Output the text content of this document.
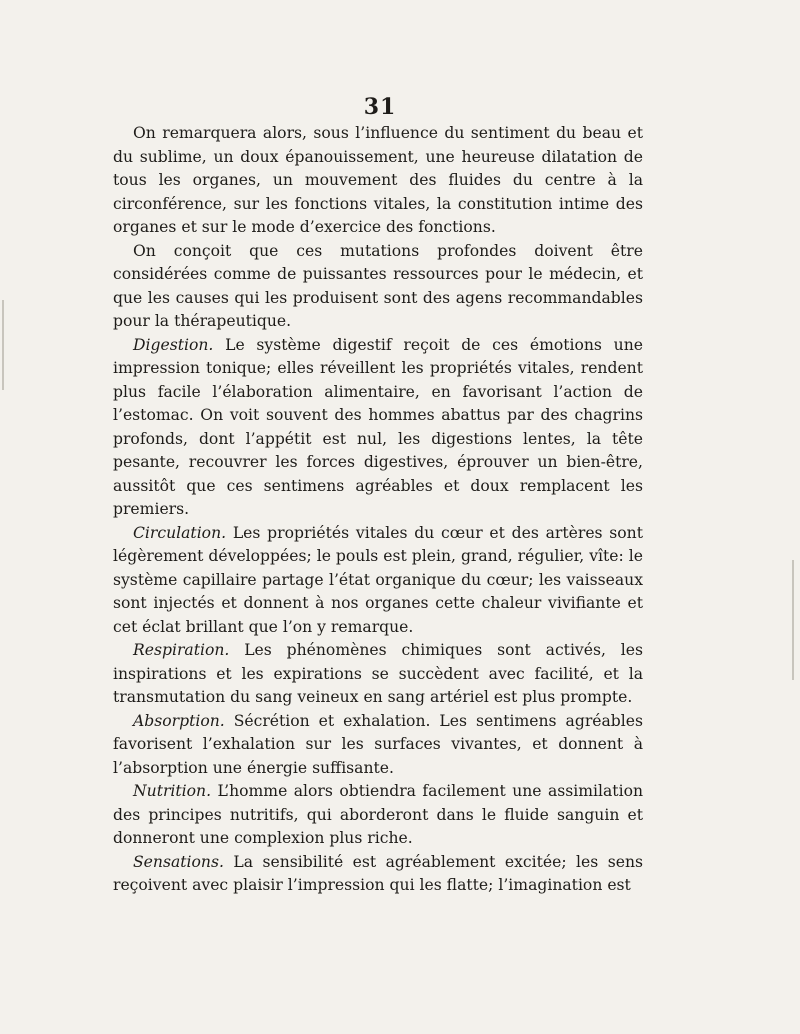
31

On remarquera alors, sous l’influence du sentiment du beau et du sublime, un doux épanouissement, une heureuse dilatation de tous les organes, un mouvement des fluides du centre à la circonférence, sur les fonctions vitales, la constitution intime des organes et sur le mode d’exercice des fonctions.

On conçoit que ces mutations profondes doivent être considérées comme de puissantes ressources pour le médecin, et que les causes qui les produisent sont des agens recommandables pour la thérapeutique.

Digestion. Le système digestif reçoit de ces émotions une impression tonique; elles réveillent les propriétés vitales, rendent plus facile l’élaboration alimentaire, en favorisant l’action de l’estomac. On voit souvent des hommes abattus par des chagrins profonds, dont l’appétit est nul, les digestions lentes, la tête pesante, recouvrer les forces digestives, éprouver un bien-être, aussitôt que ces sentimens agréables et doux remplacent les premiers.

Circulation. Les propriétés vitales du cœur et des artères sont légèrement développées; le pouls est plein, grand, régulier, vîte: le système capillaire partage l’état organique du cœur; les vaisseaux sont injectés et donnent à nos organes cette chaleur vivifiante et cet éclat brillant que l’on y remarque.

Respiration. Les phénomènes chimiques sont activés, les inspirations et les expirations se succèdent avec facilité, et la transmutation du sang veineux en sang artériel est plus prompte.

Absorption. Sécrétion et exhalation. Les sentimens agréables favorisent l’exhalation sur les surfaces vivantes, et donnent à l’absorption une énergie suffisante.

Nutrition. L’homme alors obtiendra facilement une assimilation des principes nutritifs, qui aborderont dans le fluide sanguin et donneront une complexion plus riche.

Sensations. La sensibilité est agréablement excitée; les sens reçoivent avec plaisir l’impression qui les flatte; l’imagination est
